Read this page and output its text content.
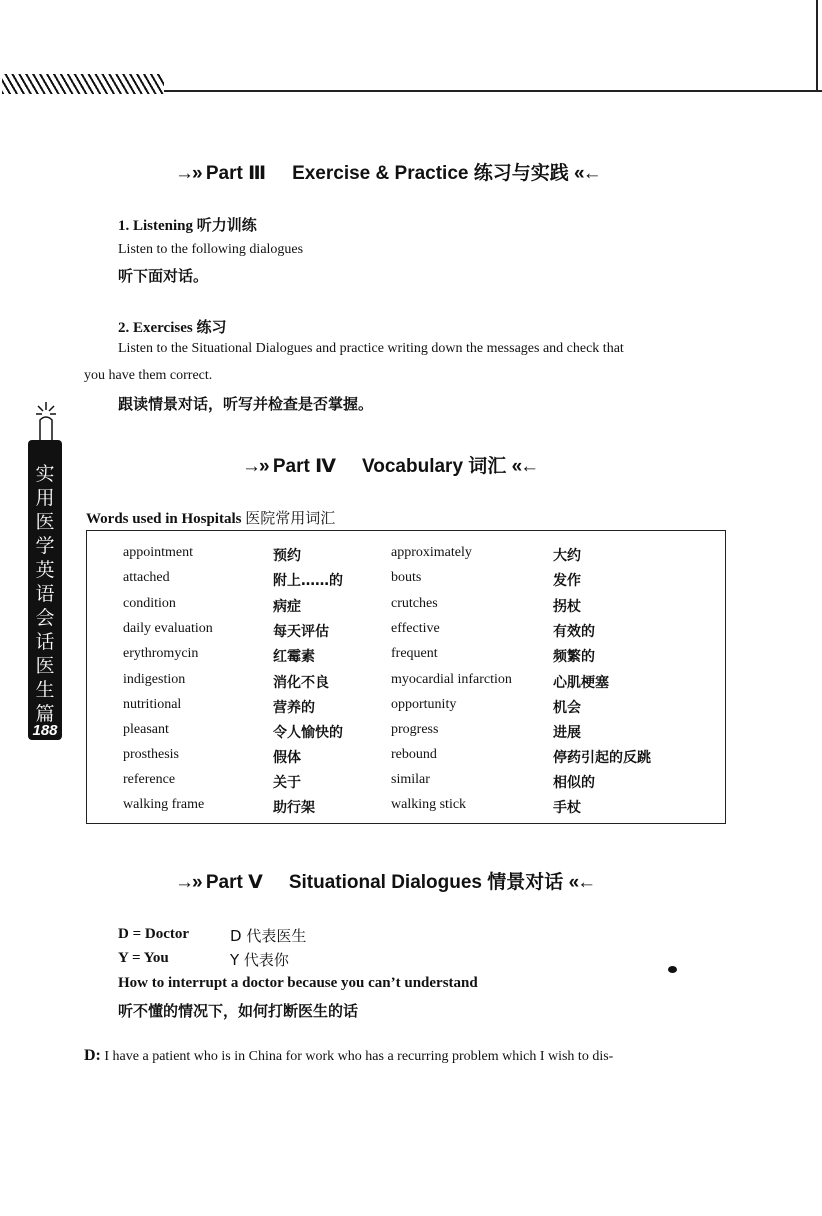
→» Part Ⅲ Exercise & Practice 练习与实践 «←
1. Listening 听力训练
Listen to the following dialogues
听下面对话。
2. Exercises 练习
Listen to the Situational Dialogues and practice writing down the messages and check that
you have them correct.
跟读情景对话，听写并检查是否掌握。
→» Part Ⅳ Vocabulary 词汇 «←
Words used in Hospitals 医院常用词汇
appointment	预约	approximately	大约
attached	附上……的	bouts	发作
condition	病症	crutches	拐杖
daily evaluation	每天评估	effective	有效的
erythromycin	红霉素	frequent	频繁的
indigestion	消化不良	myocardial infarction	心肌梗塞
nutritional	营养的	opportunity	机会
pleasant	令人愉快的	progress	进展
prosthesis	假体	rebound	停药引起的反跳
reference	关于	similar	相似的
walking frame	助行架	walking stick	手杖
→» Part Ⅴ Situational Dialogues 情景对话 «←
D = Doctor	D 代表医生
Y = You	Y 代表你
How to interrupt a doctor because you can’t understand
听不懂的情况下，如何打断医生的话
D: I have a patient who is in China for work who has a recurring problem which I wish to dis-
实用医学英语会话 医生篇
188
